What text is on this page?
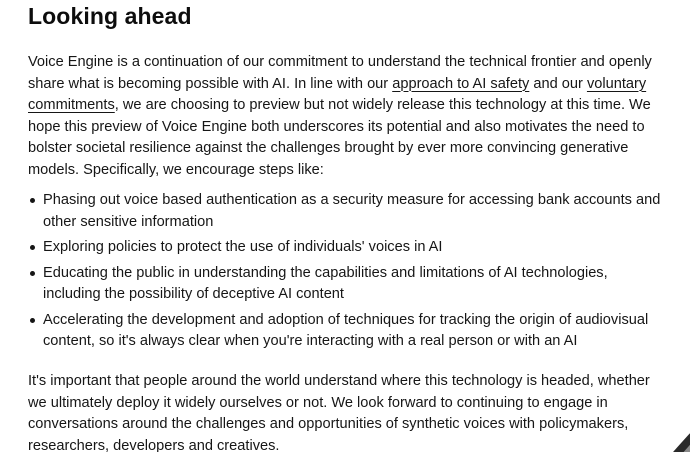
Looking ahead

Voice Engine is a continuation of our commitment to understand the technical frontier and openly
share what is becoming possible with AI. In line with our approach to AI safety and our voluntary
commitments, we are choosing to preview but not widely release this technology at this time. We
hope this preview of Voice Engine both underscores its potential and also motivates the need to
bolster societal resilience against the challenges brought by ever more convincing generative
models. Specifically, we encourage steps like:

Phasing out voice based authentication as a security measure for accessing bank accounts and
other sensitive information
Exploring policies to protect the use of individuals' voices in AI
Educating the public in understanding the capabilities and limitations of AI technologies,
including the possibility of deceptive AI content
Accelerating the development and adoption of techniques for tracking the origin of audiovisual
content, so it's always clear when you're interacting with a real person or with an AI

It's important that people around the world understand where this technology is headed, whether
we ultimately deploy it widely ourselves or not. We look forward to continuing to engage in
conversations around the challenges and opportunities of synthetic voices with policymakers,
researchers, developers and creatives.
